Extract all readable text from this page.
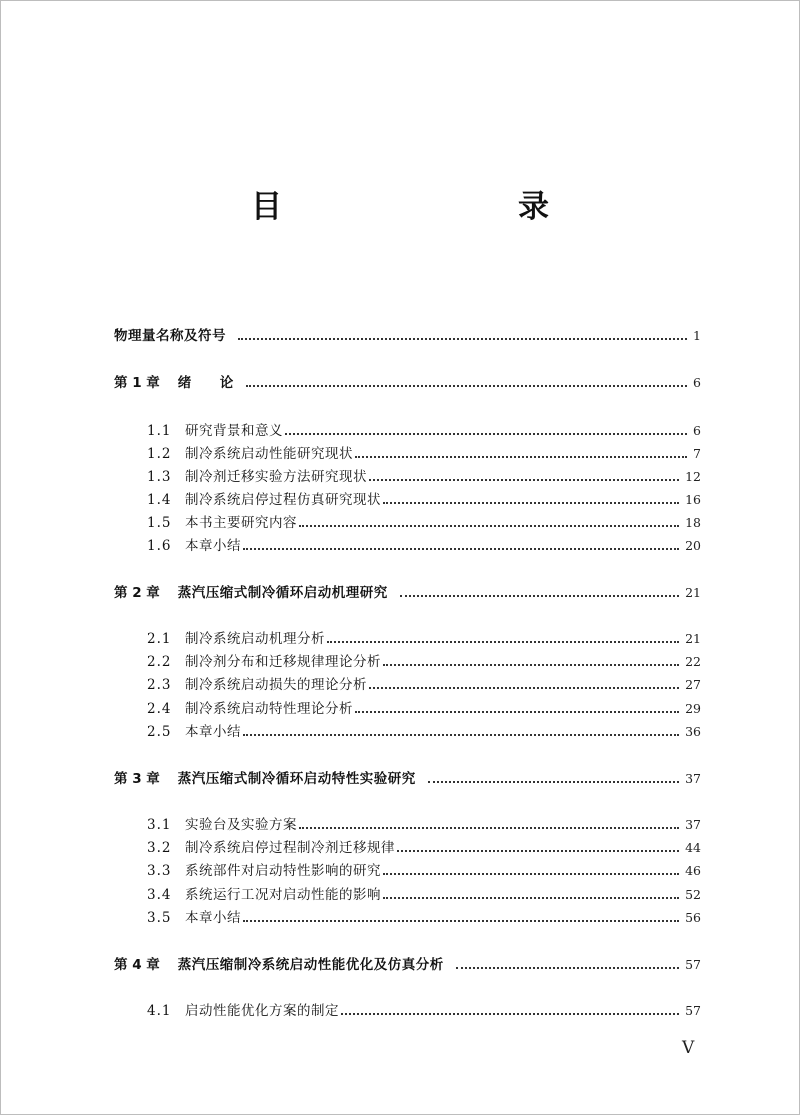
目　　录
物理量名称及符号	1
第 1 章 绪　　论	6
1.1	研究背景和意义	6
1.2	制冷系统启动性能研究现状	7
1.3	制冷剂迁移实验方法研究现状	12
1.4	制冷系统启停过程仿真研究现状	16
1.5	本书主要研究内容	18
1.6	本章小结	20
第 2 章 蒸汽压缩式制冷循环启动机理研究	21
2.1	制冷系统启动机理分析	21
2.2	制冷剂分布和迁移规律理论分析	22
2.3	制冷系统启动损失的理论分析	27
2.4	制冷系统启动特性理论分析	29
2.5	本章小结	36
第 3 章 蒸汽压缩式制冷循环启动特性实验研究	37
3.1	实验台及实验方案	37
3.2	制冷系统启停过程制冷剂迁移规律	44
3.3	系统部件对启动特性影响的研究	46
3.4	系统运行工况对启动性能的影响	52
3.5	本章小结	56
第 4 章 蒸汽压缩制冷系统启动性能优化及仿真分析	57
4.1	启动性能优化方案的制定	57
V
